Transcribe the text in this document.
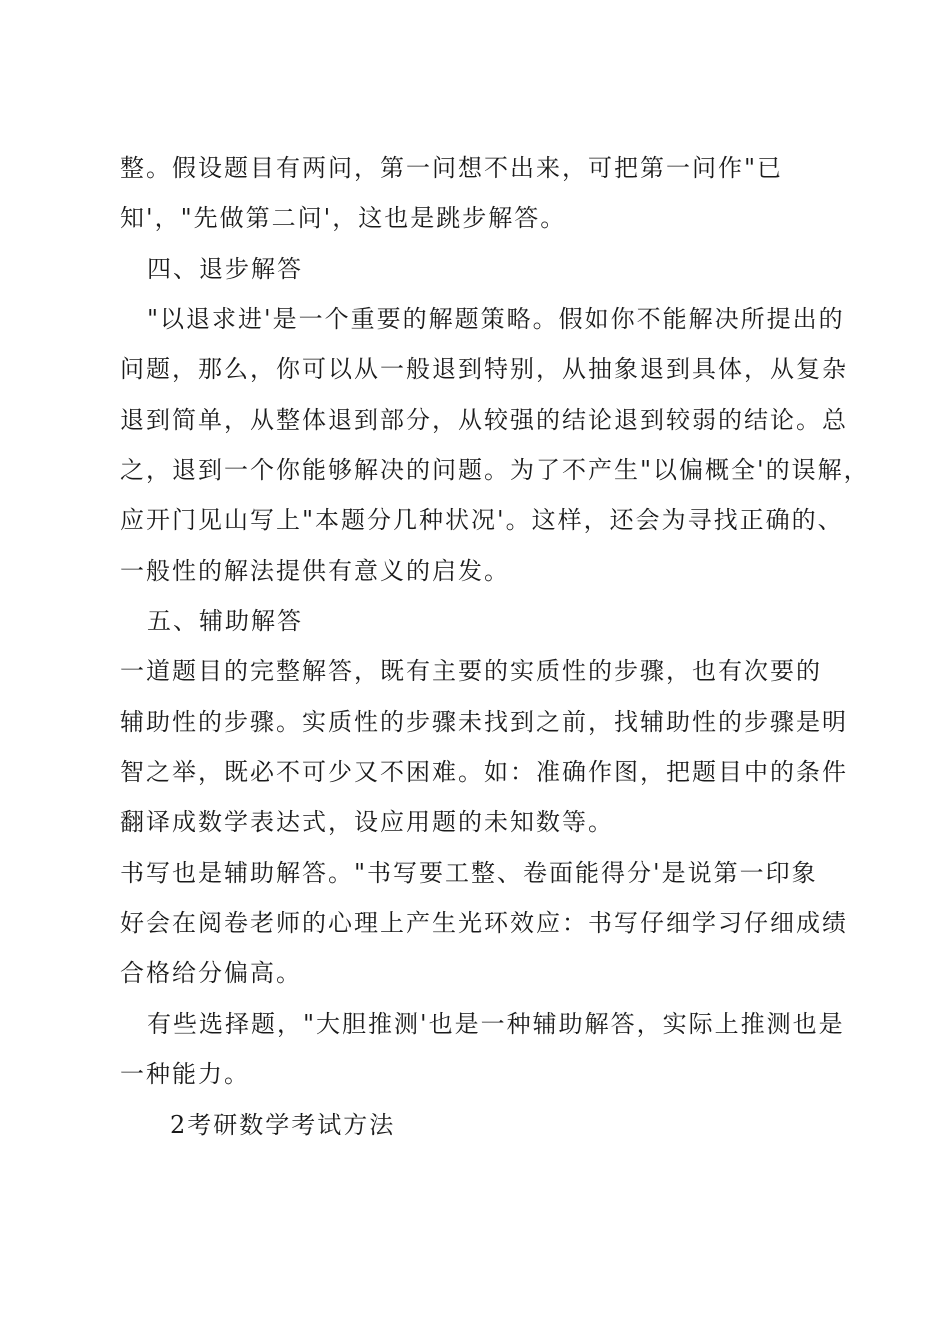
整。假设题目有两问，第一问想不出来，可把第一问作"已
知'，"先做第二问'，这也是跳步解答。
四、退步解答
"以退求进'是一个重要的解题策略。假如你不能解决所提出的
问题，那么，你可以从一般退到特别，从抽象退到具体，从复杂
退到简单，从整体退到部分，从较强的结论退到较弱的结论。总
之，退到一个你能够解决的问题。为了不产生"以偏概全'的误解，
应开门见山写上"本题分几种状况'。这样，还会为寻找正确的、
一般性的解法提供有意义的启发。
五、辅助解答
一道题目的完整解答，既有主要的实质性的步骤，也有次要的
辅助性的步骤。实质性的步骤未找到之前，找辅助性的步骤是明
智之举，既必不可少又不困难。如：准确作图，把题目中的条件
翻译成数学表达式，设应用题的未知数等。
书写也是辅助解答。"书写要工整、卷面能得分'是说第一印象
好会在阅卷老师的心理上产生光环效应：书写仔细学习仔细成绩
合格给分偏高。
有些选择题，"大胆推测'也是一种辅助解答，实际上推测也是
一种能力。
2考研数学考试方法
